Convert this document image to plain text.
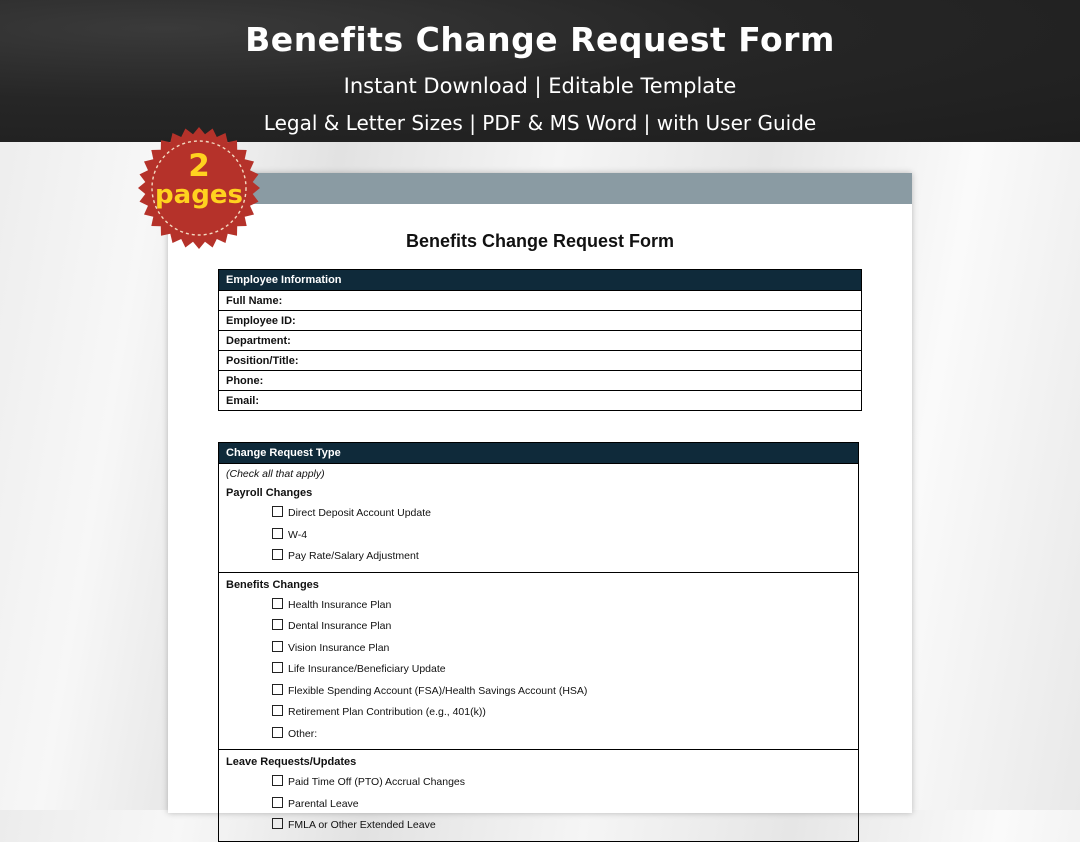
Benefits Change Request Form
Instant Download | Editable Template
Legal & Letter Sizes | PDF & MS Word | with User Guide
Benefits Change Request Form
Employee Information
Full Name:
Employee ID:
Department:
Position/Title:
Phone:
Email:
Change Request Type

(Check all that apply)
Payroll Changes
Direct Deposit Account Update
W-4
Pay Rate/Salary Adjustment

Benefits Changes
Health Insurance Plan
Dental Insurance Plan
Vision Insurance Plan
Life Insurance/Beneficiary Update
Flexible Spending Account (FSA)/Health Savings Account (HSA)
Retirement Plan Contribution (e.g., 401(k))
Other:

Leave Requests/Updates
Paid Time Off (PTO) Accrual Changes
Parental Leave
FMLA or Other Extended Leave
2
pages
